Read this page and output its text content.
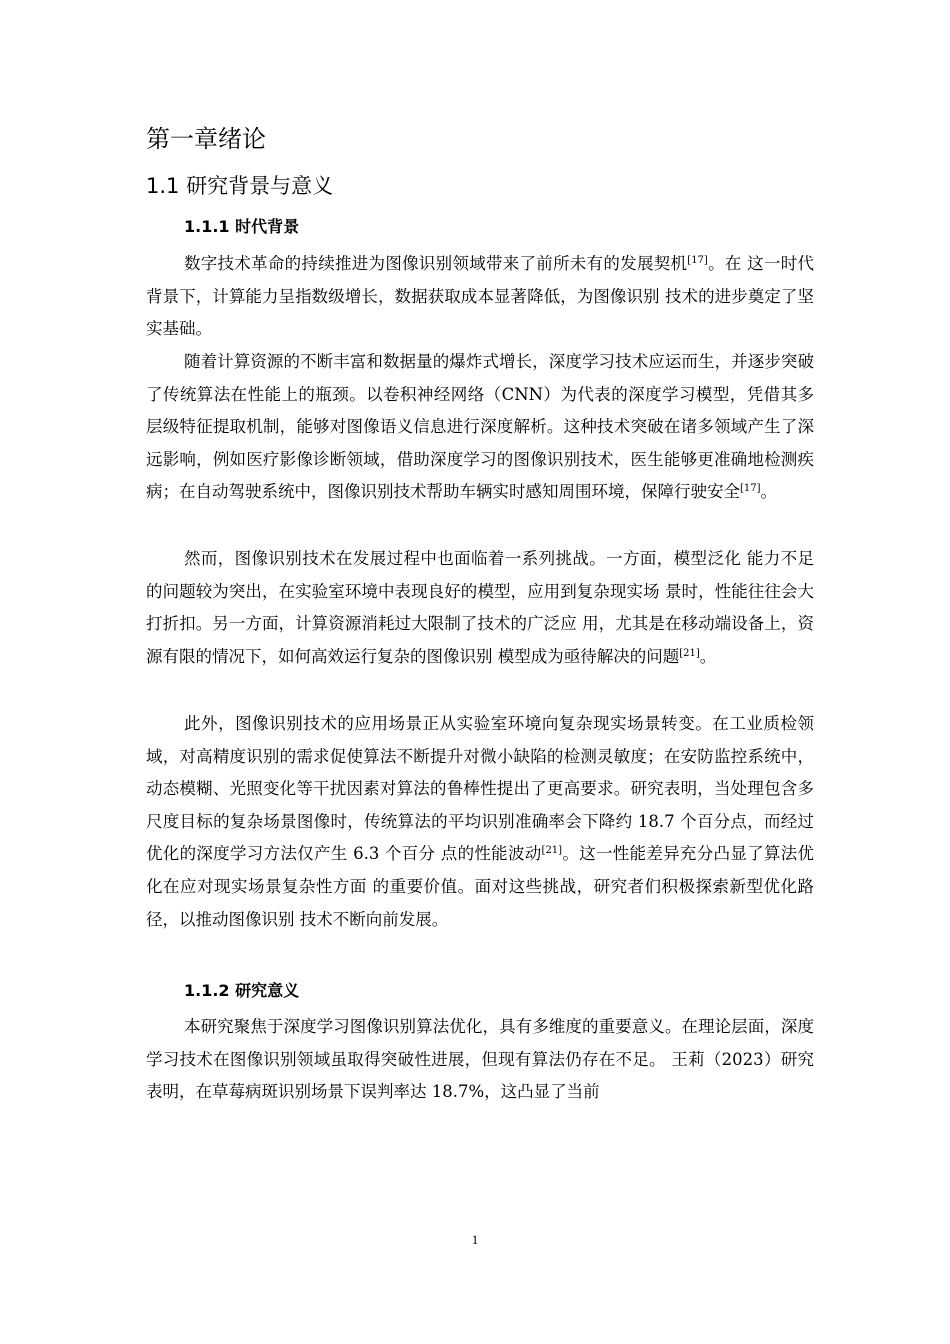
第一章绪论
1.1 研究背景与意义
1.1.1 时代背景

数字技术革命的持续推进为图像识别领域带来了前所未有的发展契机[17]。在 这一时代背景下，计算能力呈指数级增长，数据获取成本显著降低，为图像识别 技术的进步奠定了坚实基础。

随着计算资源的不断丰富和数据量的爆炸式增长，深度学习技术应运而生，并逐步突破了传统算法在性能上的瓶颈。以卷积神经网络（CNN）为代表的深度学习模型，凭借其多层级特征提取机制，能够对图像语义信息进行深度解析。这种技术突破在诸多领域产生了深远影响，例如医疗影像诊断领域，借助深度学习的图像识别技术，医生能够更准确地检测疾病；在自动驾驶系统中，图像识别技术帮助车辆实时感知周围环境，保障行驶安全[17]。

然而，图像识别技术在发展过程中也面临着一系列挑战。一方面，模型泛化 能力不足的问题较为突出，在实验室环境中表现良好的模型，应用到复杂现实场 景时，性能往往会大打折扣。另一方面，计算资源消耗过大限制了技术的广泛应 用，尤其是在移动端设备上，资源有限的情况下，如何高效运行复杂的图像识别 模型成为亟待解决的问题[21]。

此外，图像识别技术的应用场景正从实验室环境向复杂现实场景转变。在工业质检领域，对高精度识别的需求促使算法不断提升对微小缺陷的检测灵敏度；在安防监控系统中，动态模糊、光照变化等干扰因素对算法的鲁棒性提出了更高要求。研究表明，当处理包含多尺度目标的复杂场景图像时，传统算法的平均识别准确率会下降约 18.7 个百分点，而经过优化的深度学习方法仅产生 6.3 个百分 点的性能波动[21]。这一性能差异充分凸显了算法优化在应对现实场景复杂性方面 的重要价值。面对这些挑战，研究者们积极探索新型优化路径，以推动图像识别 技术不断向前发展。

1.1.2 研究意义

本研究聚焦于深度学习图像识别算法优化，具有多维度的重要意义。在理论层面，深度学习技术在图像识别领域虽取得突破性进展，但现有算法仍存在不足。 王莉（2023）研究表明，在草莓病斑识别场景下误判率达 18.7%，这凸显了当前

1
